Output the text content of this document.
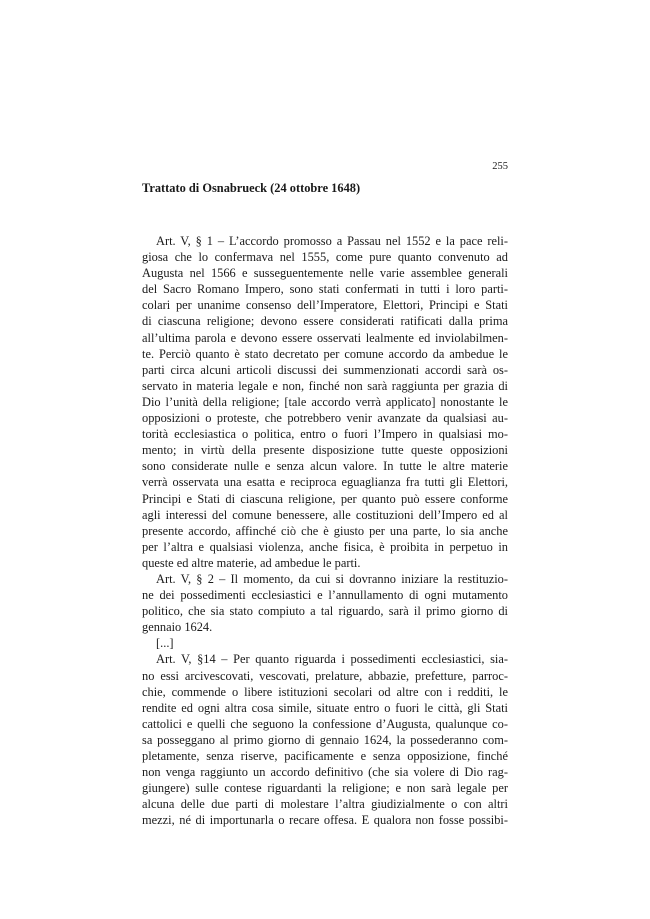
255
Trattato di Osnabrueck (24 ottobre 1648)
Art. V, § 1 – L’accordo promosso a Passau nel 1552 e la pace reli-
giosa che lo confermava nel 1555, come pure quanto convenuto ad
Augusta nel 1566 e susseguentemente nelle varie assemblee generali
del Sacro Romano Impero, sono stati confermati in tutti i loro parti-
colari per unanime consenso dell’Imperatore, Elettori, Principi e Stati
di ciascuna religione; devono essere considerati ratificati dalla prima
all’ultima parola e devono essere osservati lealmente ed inviolabilmen-
te. Perciò quanto è stato decretato per comune accordo da ambedue le
parti circa alcuni articoli discussi dei summenzionati accordi sarà os-
servato in materia legale e non, finché non sarà raggiunta per grazia di
Dio l’unità della religione; [tale accordo verrà applicato] nonostante le
opposizioni o proteste, che potrebbero venir avanzate da qualsiasi au-
torità ecclesiastica o politica, entro o fuori l’Impero in qualsiasi mo-
mento; in virtù della presente disposizione tutte queste opposizioni
sono considerate nulle e senza alcun valore. In tutte le altre materie
verrà osservata una esatta e reciproca eguaglianza fra tutti gli Elettori,
Principi e Stati di ciascuna religione, per quanto può essere conforme
agli interessi del comune benessere, alle costituzioni dell’Impero ed al
presente accordo, affinché ciò che è giusto per una parte, lo sia anche
per l’altra e qualsiasi violenza, anche fisica, è proibita in perpetuo in
queste ed altre materie, ad ambedue le parti.
Art. V, § 2 – Il momento, da cui si dovranno iniziare la restituzio-
ne dei possedimenti ecclesiastici e l’annullamento di ogni mutamento
politico, che sia stato compiuto a tal riguardo, sarà il primo giorno di
gennaio 1624.
[...]
Art. V, §14 – Per quanto riguarda i possedimenti ecclesiastici, sia-
no essi arcivescovati, vescovati, prelature, abbazie, prefetture, parroc-
chie, commende o libere istituzioni secolari od altre con i redditi, le
rendite ed ogni altra cosa simile, situate entro o fuori le città, gli Stati
cattolici e quelli che seguono la confessione d’Augusta, qualunque co-
sa posseggano al primo giorno di gennaio 1624, la possederanno com-
pletamente, senza riserve, pacificamente e senza opposizione, finché
non venga raggiunto un accordo definitivo (che sia volere di Dio rag-
giungere) sulle contese riguardanti la religione; e non sarà legale per
alcuna delle due parti di molestare l’altra giudizialmente o con altri
mezzi, né di importunarla o recare offesa. E qualora non fosse possibi-
